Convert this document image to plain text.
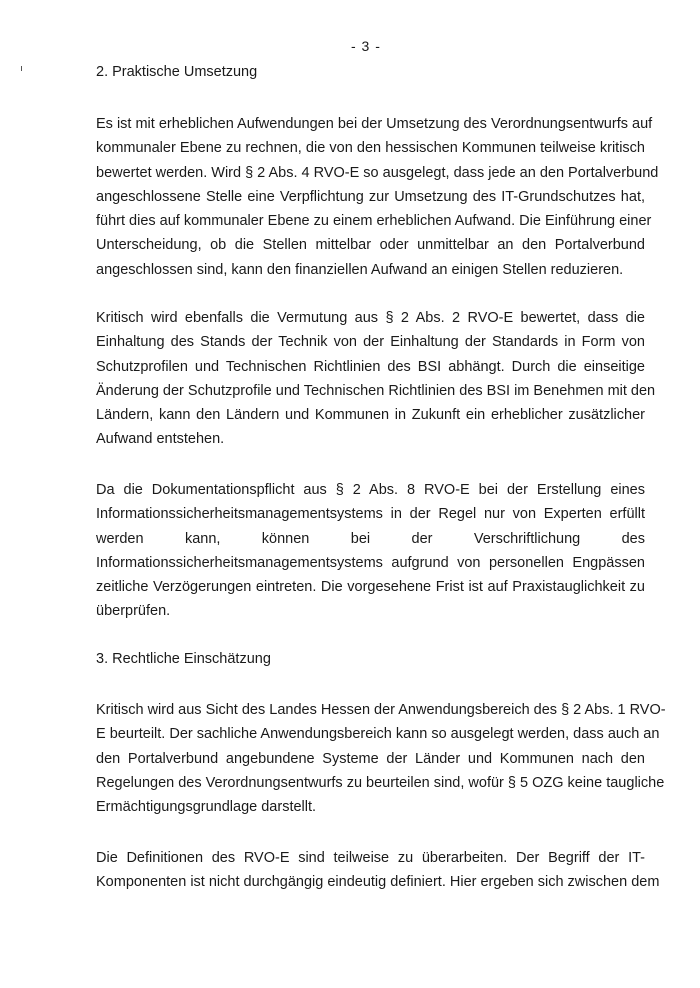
- 3 -
2. Praktische Umsetzung
Es ist mit erheblichen Aufwendungen bei der Umsetzung des Verordnungsentwurfs auf
kommunaler Ebene zu rechnen, die von den hessischen Kommunen teilweise kritisch
bewertet werden. Wird § 2 Abs. 4 RVO-E so ausgelegt, dass jede an den Portalverbund
angeschlossene Stelle eine Verpflichtung zur Umsetzung des IT-Grundschutzes hat,
führt dies auf kommunaler Ebene zu einem erheblichen Aufwand. Die Einführung einer
Unterscheidung, ob die Stellen mittelbar oder unmittelbar an den Portalverbund
angeschlossen sind, kann den finanziellen Aufwand an einigen Stellen reduzieren.
Kritisch wird ebenfalls die Vermutung aus § 2 Abs. 2 RVO-E bewertet, dass die
Einhaltung des Stands der Technik von der Einhaltung der Standards in Form von
Schutzprofilen und Technischen Richtlinien des BSI abhängt. Durch die einseitige
Änderung der Schutzprofile und Technischen Richtlinien des BSI im Benehmen mit den
Ländern, kann den Ländern und Kommunen in Zukunft ein erheblicher zusätzlicher
Aufwand entstehen.
Da die Dokumentationspflicht aus § 2 Abs. 8 RVO-E bei der Erstellung eines
Informationssicherheitsmanagementsystems in der Regel nur von Experten erfüllt
werden kann, können bei der Verschriftlichung des
Informationssicherheitsmanagementsystems aufgrund von personellen Engpässen
zeitliche Verzögerungen eintreten. Die vorgesehene Frist ist auf Praxistauglichkeit zu
überprüfen.
3. Rechtliche Einschätzung
Kritisch wird aus Sicht des Landes Hessen der Anwendungsbereich des § 2 Abs. 1 RVO-
E beurteilt. Der sachliche Anwendungsbereich kann so ausgelegt werden, dass auch an
den Portalverbund angebundene Systeme der Länder und Kommunen nach den
Regelungen des Verordnungsentwurfs zu beurteilen sind, wofür § 5 OZG keine taugliche
Ermächtigungsgrundlage darstellt.
Die Definitionen des RVO-E sind teilweise zu überarbeiten. Der Begriff der IT-
Komponenten ist nicht durchgängig eindeutig definiert. Hier ergeben sich zwischen dem
